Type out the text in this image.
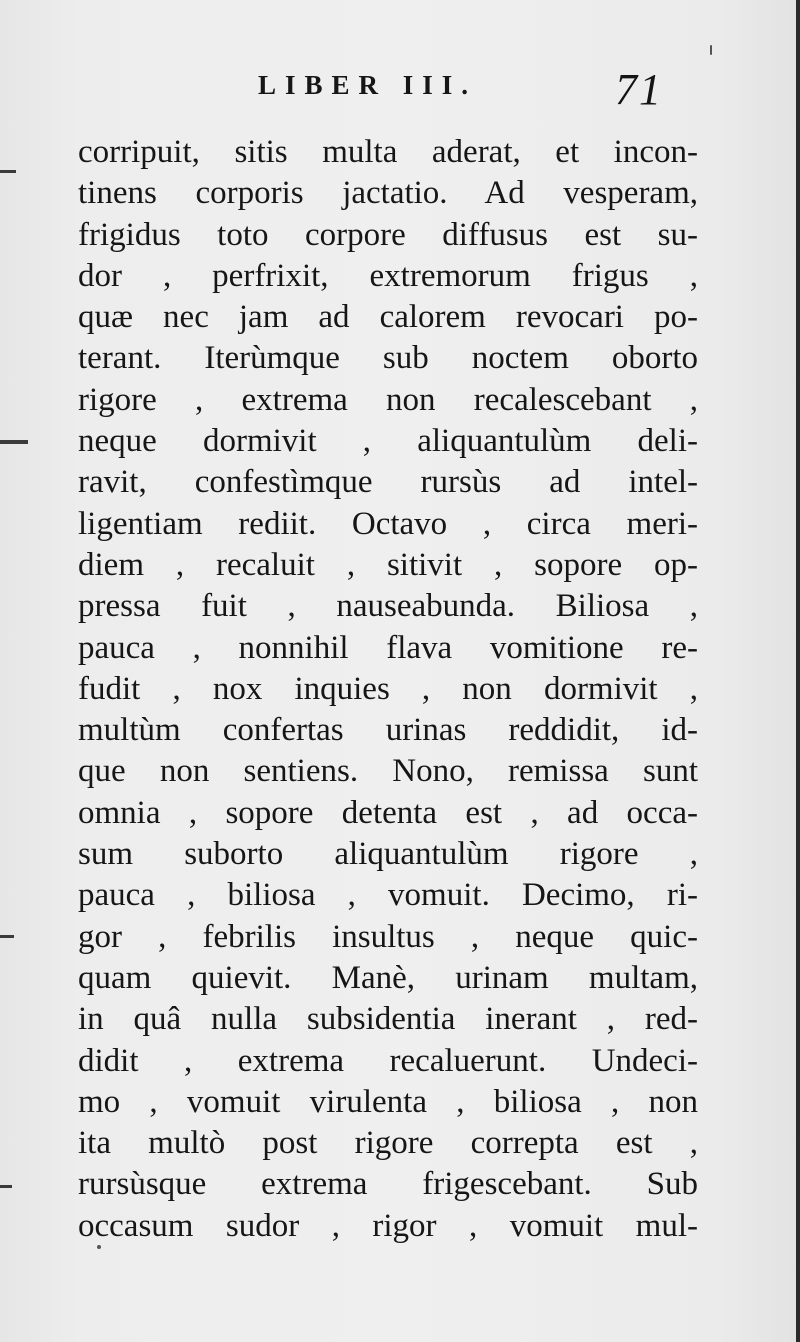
LIBER III.	71
corripuit, sitis multa aderat, et incon-
tinens corporis jactatio. Ad vesperam,
frigidus toto corpore diffusus est su-
dor , perfrixit, extremorum frigus ,
quæ nec jam ad calorem revocari po-
terant. Iterùmque sub noctem oborto
rigore , extrema non recalescebant ,
neque dormivit , aliquantulùm deli-
ravit, confestìmque rursùs ad intel-
ligentiam rediit. Octavo , circa meri-
diem , recaluit , sitivit , sopore op-
pressa fuit , nauseabunda. Biliosa ,
pauca , nonnihil flava vomitione re-
fudit , nox inquies , non dormivit ,
multùm confertas urinas reddidit, id-
que non sentiens. Nono, remissa sunt
omnia , sopore detenta est , ad occa-
sum suborto aliquantulùm rigore ,
pauca , biliosa , vomuit. Decimo, ri-
gor , febrilis insultus , neque quic-
quam quievit. Manè, urinam multam,
in quâ nulla subsidentia inerant , red-
didit , extrema recaluerunt. Undeci-
mo , vomuit virulenta , biliosa , non
ita multò post rigore correpta est ,
rursùsque extrema frigescebant. Sub
occasum sudor , rigor , vomuit mul-
